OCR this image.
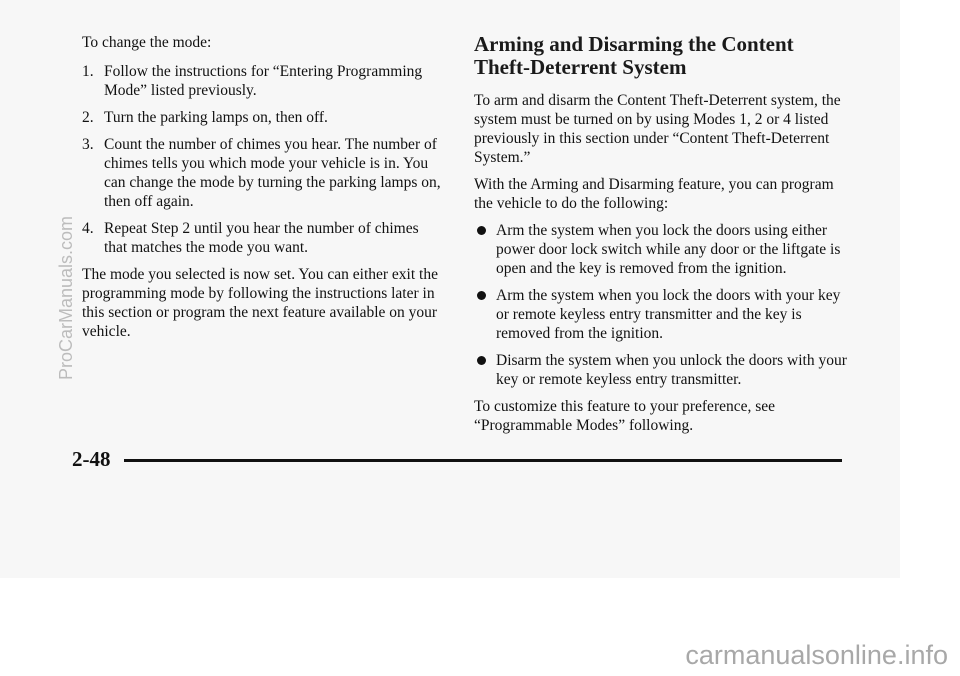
To change the mode:

1. Follow the instructions for “Entering Programming Mode” listed previously.
2. Turn the parking lamps on, then off.
3. Count the number of chimes you hear. The number of chimes tells you which mode your vehicle is in. You can change the mode by turning the parking lamps on, then off again.
4. Repeat Step 2 until you hear the number of chimes that matches the mode you want.

The mode you selected is now set. You can either exit the programming mode by following the instructions later in this section or program the next feature available on your vehicle.

Arming and Disarming the Content Theft-Deterrent System

To arm and disarm the Content Theft-Deterrent system, the system must be turned on by using Modes 1, 2 or 4 listed previously in this section under “Content Theft-Deterrent System.”

With the Arming and Disarming feature, you can program the vehicle to do the following:

Arm the system when you lock the doors using either power door lock switch while any door or the liftgate is open and the key is removed from the ignition.
Arm the system when you lock the doors with your key or remote keyless entry transmitter and the key is removed from the ignition.
Disarm the system when you unlock the doors with your key or remote keyless entry transmitter.

To customize this feature to your preference, see “Programmable Modes” following.

2-48
ProCarManuals.com
carmanualsonline.info
